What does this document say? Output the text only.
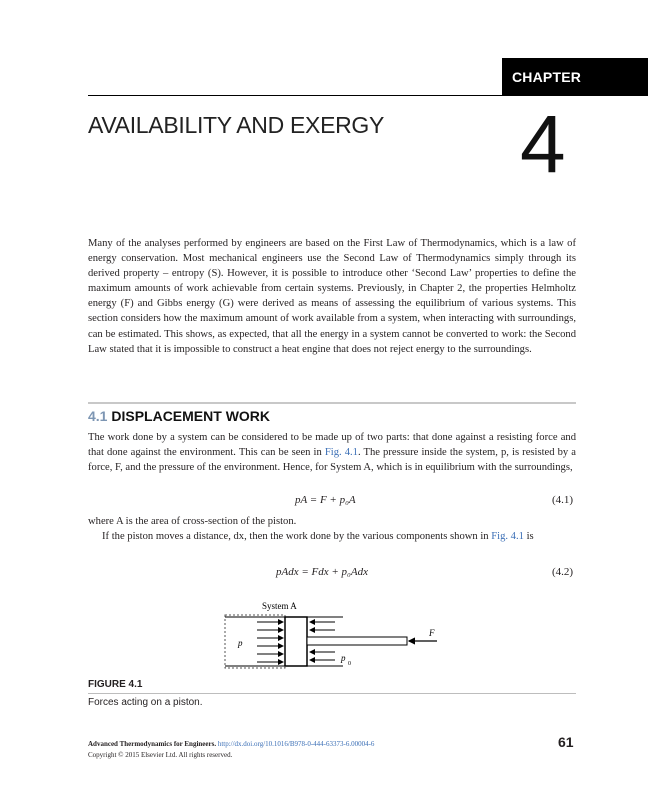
CHAPTER
AVAILABILITY AND EXERGY 4
Many of the analyses performed by engineers are based on the First Law of Thermodynamics, which is a law of energy conservation. Most mechanical engineers use the Second Law of Thermodynamics simply through its derived property – entropy (S). However, it is possible to introduce other ‘Second Law’ properties to define the maximum amounts of work achievable from certain systems. Previously, in Chapter 2, the properties Helmholtz energy (F) and Gibbs energy (G) were derived as means of assessing the equilibrium of various systems. This section considers how the maximum amount of work available from a system, when interacting with surroundings, can be estimated. This shows, as expected, that all the energy in a system cannot be converted to work: the Second Law stated that it is impossible to construct a heat engine that does not reject energy to the surroundings.
4.1 DISPLACEMENT WORK
The work done by a system can be considered to be made up of two parts: that done against a resisting force and that done against the environment. This can be seen in Fig. 4.1. The pressure inside the system, p, is resisted by a force, F, and the pressure of the environment. Hence, for System A, which is in equilibrium with the surroundings,
pA = F + p₀A	(4.1)
where A is the area of cross-section of the piston.
If the piston moves a distance, dx, then the work done by the various components shown in Fig. 4.1 is
pAdx = Fdx + p₀Adx	(4.2)
System A
F
p
p
0
FIGURE 4.1
Forces acting on a piston.
Advanced Thermodynamics for Engineers. http://dx.doi.org/10.1016/B978-0-444-63373-6.00004-6
Copyright © 2015 Elsevier Ltd. All rights reserved.
61
